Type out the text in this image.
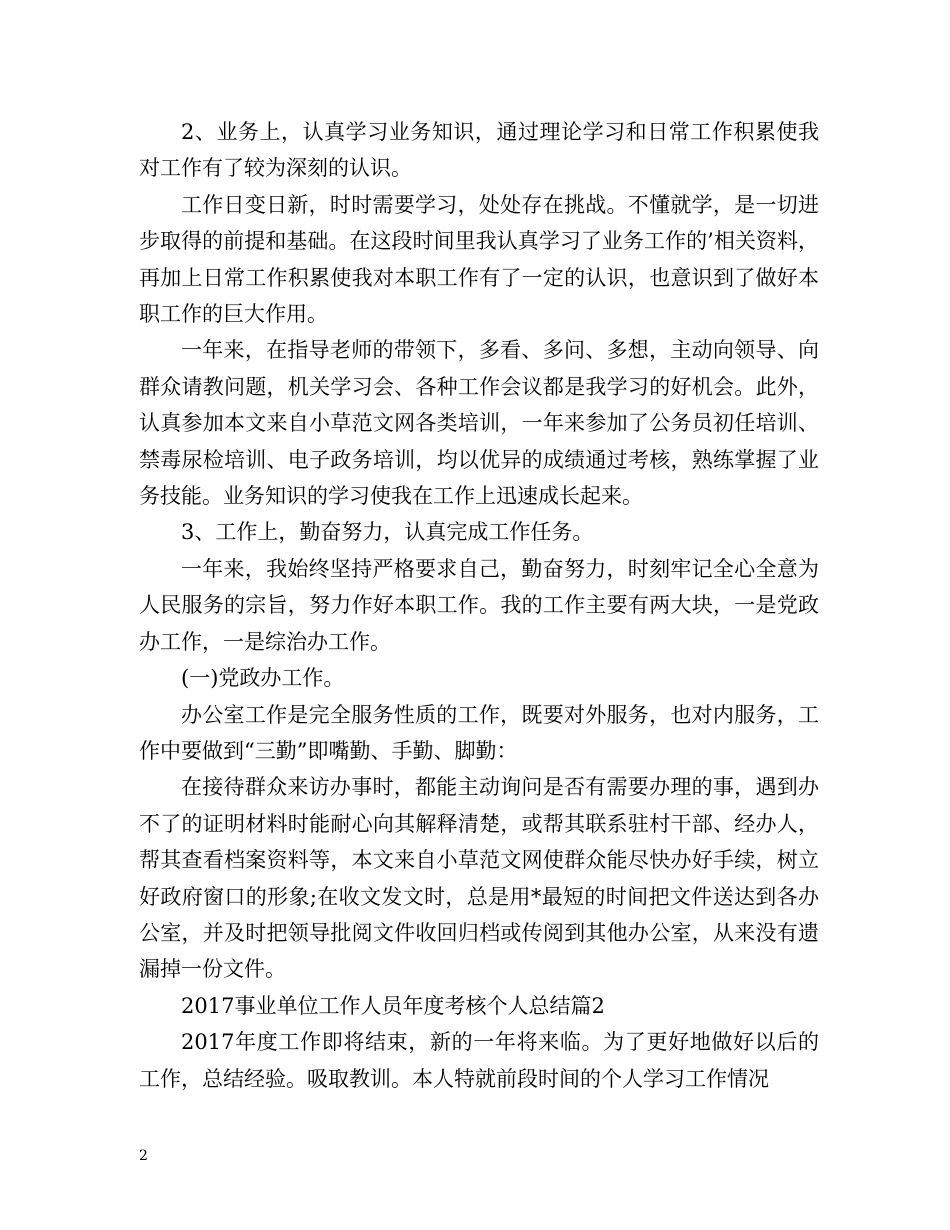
2、业务上，认真学习业务知识，通过理论学习和日常工作积累使我对工作有了较为深刻的认识。

工作日变日新，时时需要学习，处处存在挑战。不懂就学，是一切进步取得的前提和基础。在这段时间里我认真学习了业务工作的’相关资料，再加上日常工作积累使我对本职工作有了一定的认识，也意识到了做好本职工作的巨大作用。

一年来，在指导老师的带领下，多看、多问、多想，主动向领导、向群众请教问题，机关学习会、各种工作会议都是我学习的好机会。此外，认真参加本文来自小草范文网各类培训，一年来参加了公务员初任培训、禁毒尿检培训、电子政务培训，均以优异的成绩通过考核，熟练掌握了业务技能。业务知识的学习使我在工作上迅速成长起来。

3、工作上，勤奋努力，认真完成工作任务。

一年来，我始终坚持严格要求自己，勤奋努力，时刻牢记全心全意为人民服务的宗旨，努力作好本职工作。我的工作主要有两大块，一是党政办工作，一是综治办工作。

(一)党政办工作。

办公室工作是完全服务性质的工作，既要对外服务，也对内服务，工作中要做到“三勤”即嘴勤、手勤、脚勤：

在接待群众来访办事时，都能主动询问是否有需要办理的事，遇到办不了的证明材料时能耐心向其解释清楚，或帮其联系驻村干部、经办人，帮其查看档案资料等，本文来自小草范文网使群众能尽快办好手续，树立好政府窗口的形象;在收文发文时，总是用*最短的时间把文件送达到各办公室，并及时把领导批阅文件收回归档或传阅到其他办公室，从来没有遗漏掉一份文件。

2017事业单位工作人员年度考核个人总结篇2

2017年度工作即将结束，新的一年将来临。为了更好地做好以后的工作，总结经验。吸取教训。本人特就前段时间的个人学习工作情况

2
